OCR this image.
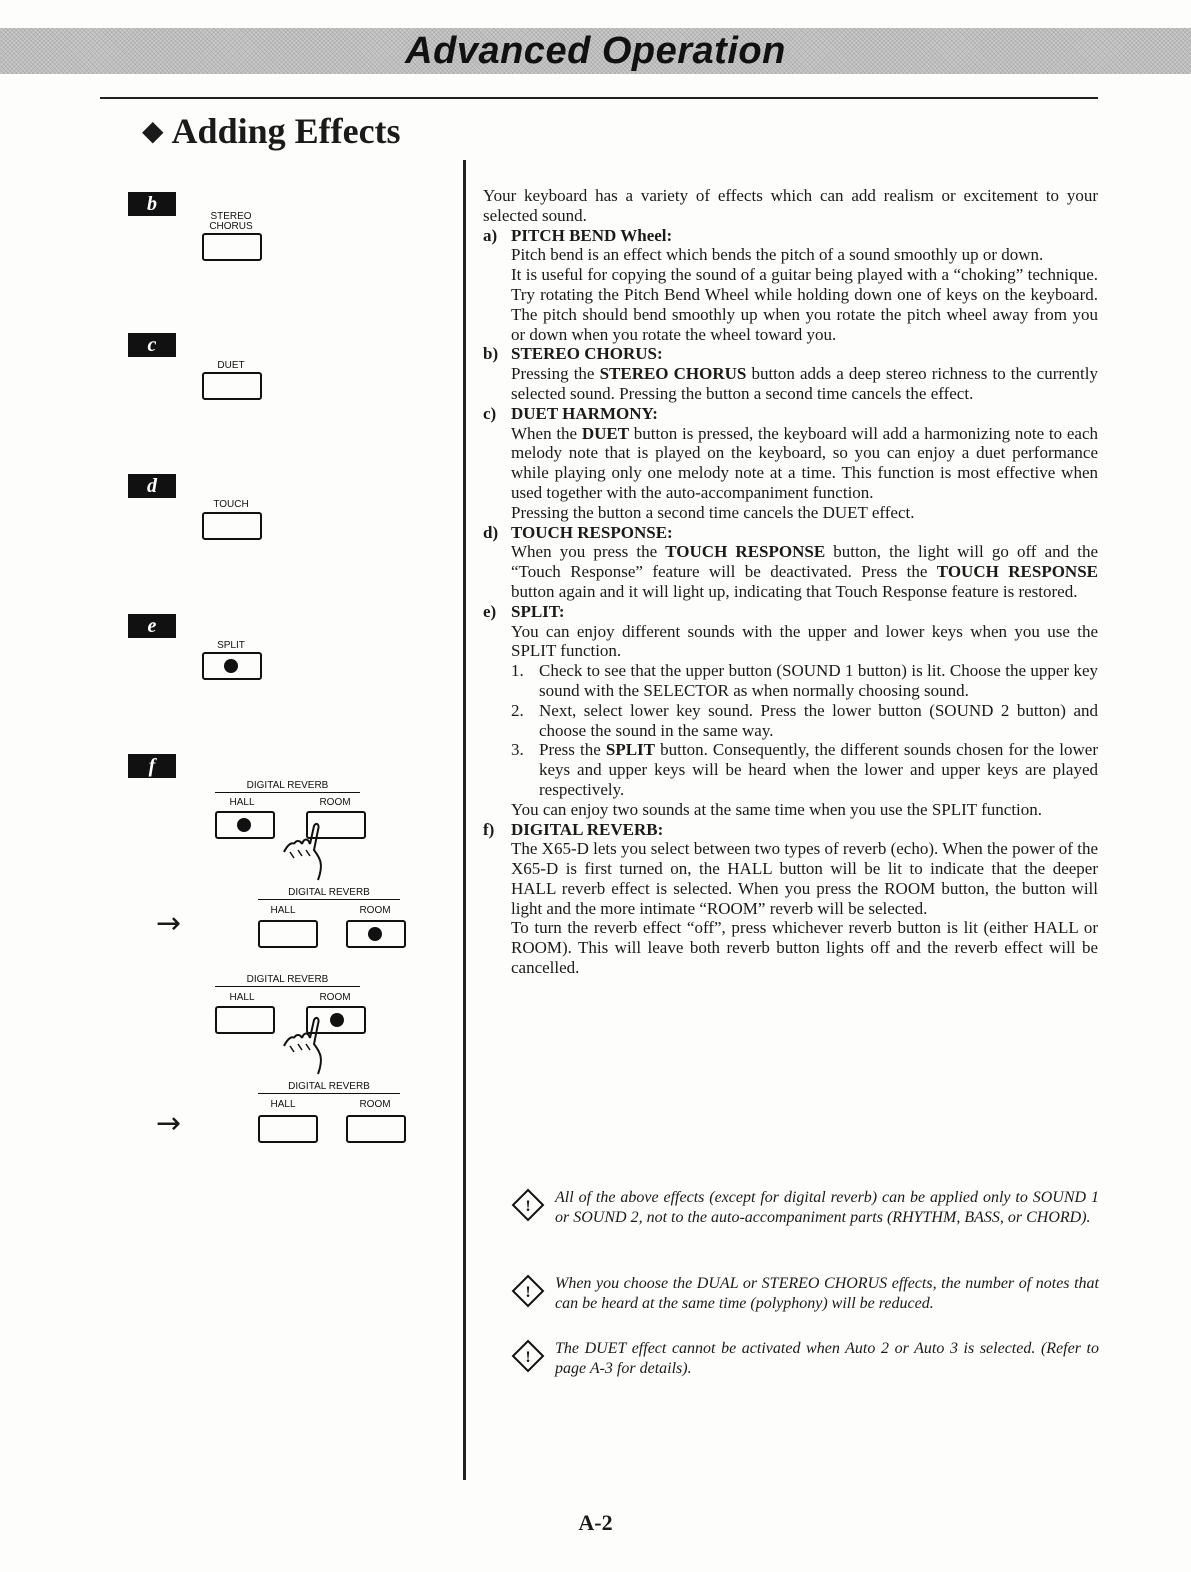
Advanced Operation
◆ Adding Effects
b
STEREO
CHORUS
c
DUET
d
TOUCH
e
SPLIT
f
DIGITAL REVERB
HALL	ROOM
DIGITAL REVERB
HALL	ROOM
→
DIGITAL REVERB
HALL	ROOM
DIGITAL REVERB
HALL	ROOM
→

Your keyboard has a variety of effects which can add realism or excitement to your selected sound.

a) PITCH BEND Wheel:

Pitch bend is an effect which bends the pitch of a sound smoothly up or down.

It is useful for copying the sound of a guitar being played with a “choking” technique. Try rotating the Pitch Bend Wheel while holding down one of keys on the keyboard. The pitch should bend smoothly up when you rotate the pitch wheel away from you or down when you rotate the wheel toward you.

b) STEREO CHORUS:

Pressing the STEREO CHORUS button adds a deep stereo richness to the currently selected sound. Pressing the button a second time cancels the effect.

c) DUET HARMONY:

When the DUET button is pressed, the keyboard will add a harmonizing note to each melody note that is played on the keyboard, so you can enjoy a duet performance while playing only one melody note at a time. This function is most effective when used together with the auto-accompaniment function.

Pressing the button a second time cancels the DUET effect.

d) TOUCH RESPONSE:

When you press the TOUCH RESPONSE button, the light will go off and the “Touch Response” feature will be deactivated. Press the TOUCH RESPONSE button again and it will light up, indicating that Touch Response feature is restored.

e) SPLIT:

You can enjoy different sounds with the upper and lower keys when you use the SPLIT function.

1. Check to see that the upper button (SOUND 1 button) is lit. Choose the upper key sound with the SELECTOR as when normally choosing sound.
2. Next, select lower key sound. Press the lower button (SOUND 2 button) and choose the sound in the same way.
3. Press the SPLIT button. Consequently, the different sounds chosen for the lower keys and upper keys will be heard when the lower and upper keys are played respectively.

You can enjoy two sounds at the same time when you use the SPLIT function.

f) DIGITAL REVERB:

The X65-D lets you select between two types of reverb (echo). When the power of the X65-D is first turned on, the HALL button will be lit to indicate that the deeper HALL reverb effect is selected. When you press the ROOM button, the button will light and the more intimate “ROOM” reverb will be selected.

To turn the reverb effect “off”, press whichever reverb button is lit (either HALL or ROOM). This will leave both reverb button lights off and the reverb effect will be cancelled.

!
All of the above effects (except for digital reverb) can be applied only to SOUND 1 or SOUND 2, not to the auto-accompaniment parts (RHYTHM, BASS, or CHORD).
!
When you choose the DUAL or STEREO CHORUS effects, the number of notes that can be heard at the same time (polyphony) will be reduced.
!
The DUET effect cannot be activated when Auto 2 or Auto 3 is selected. (Refer to page A-3 for details).
A-2
